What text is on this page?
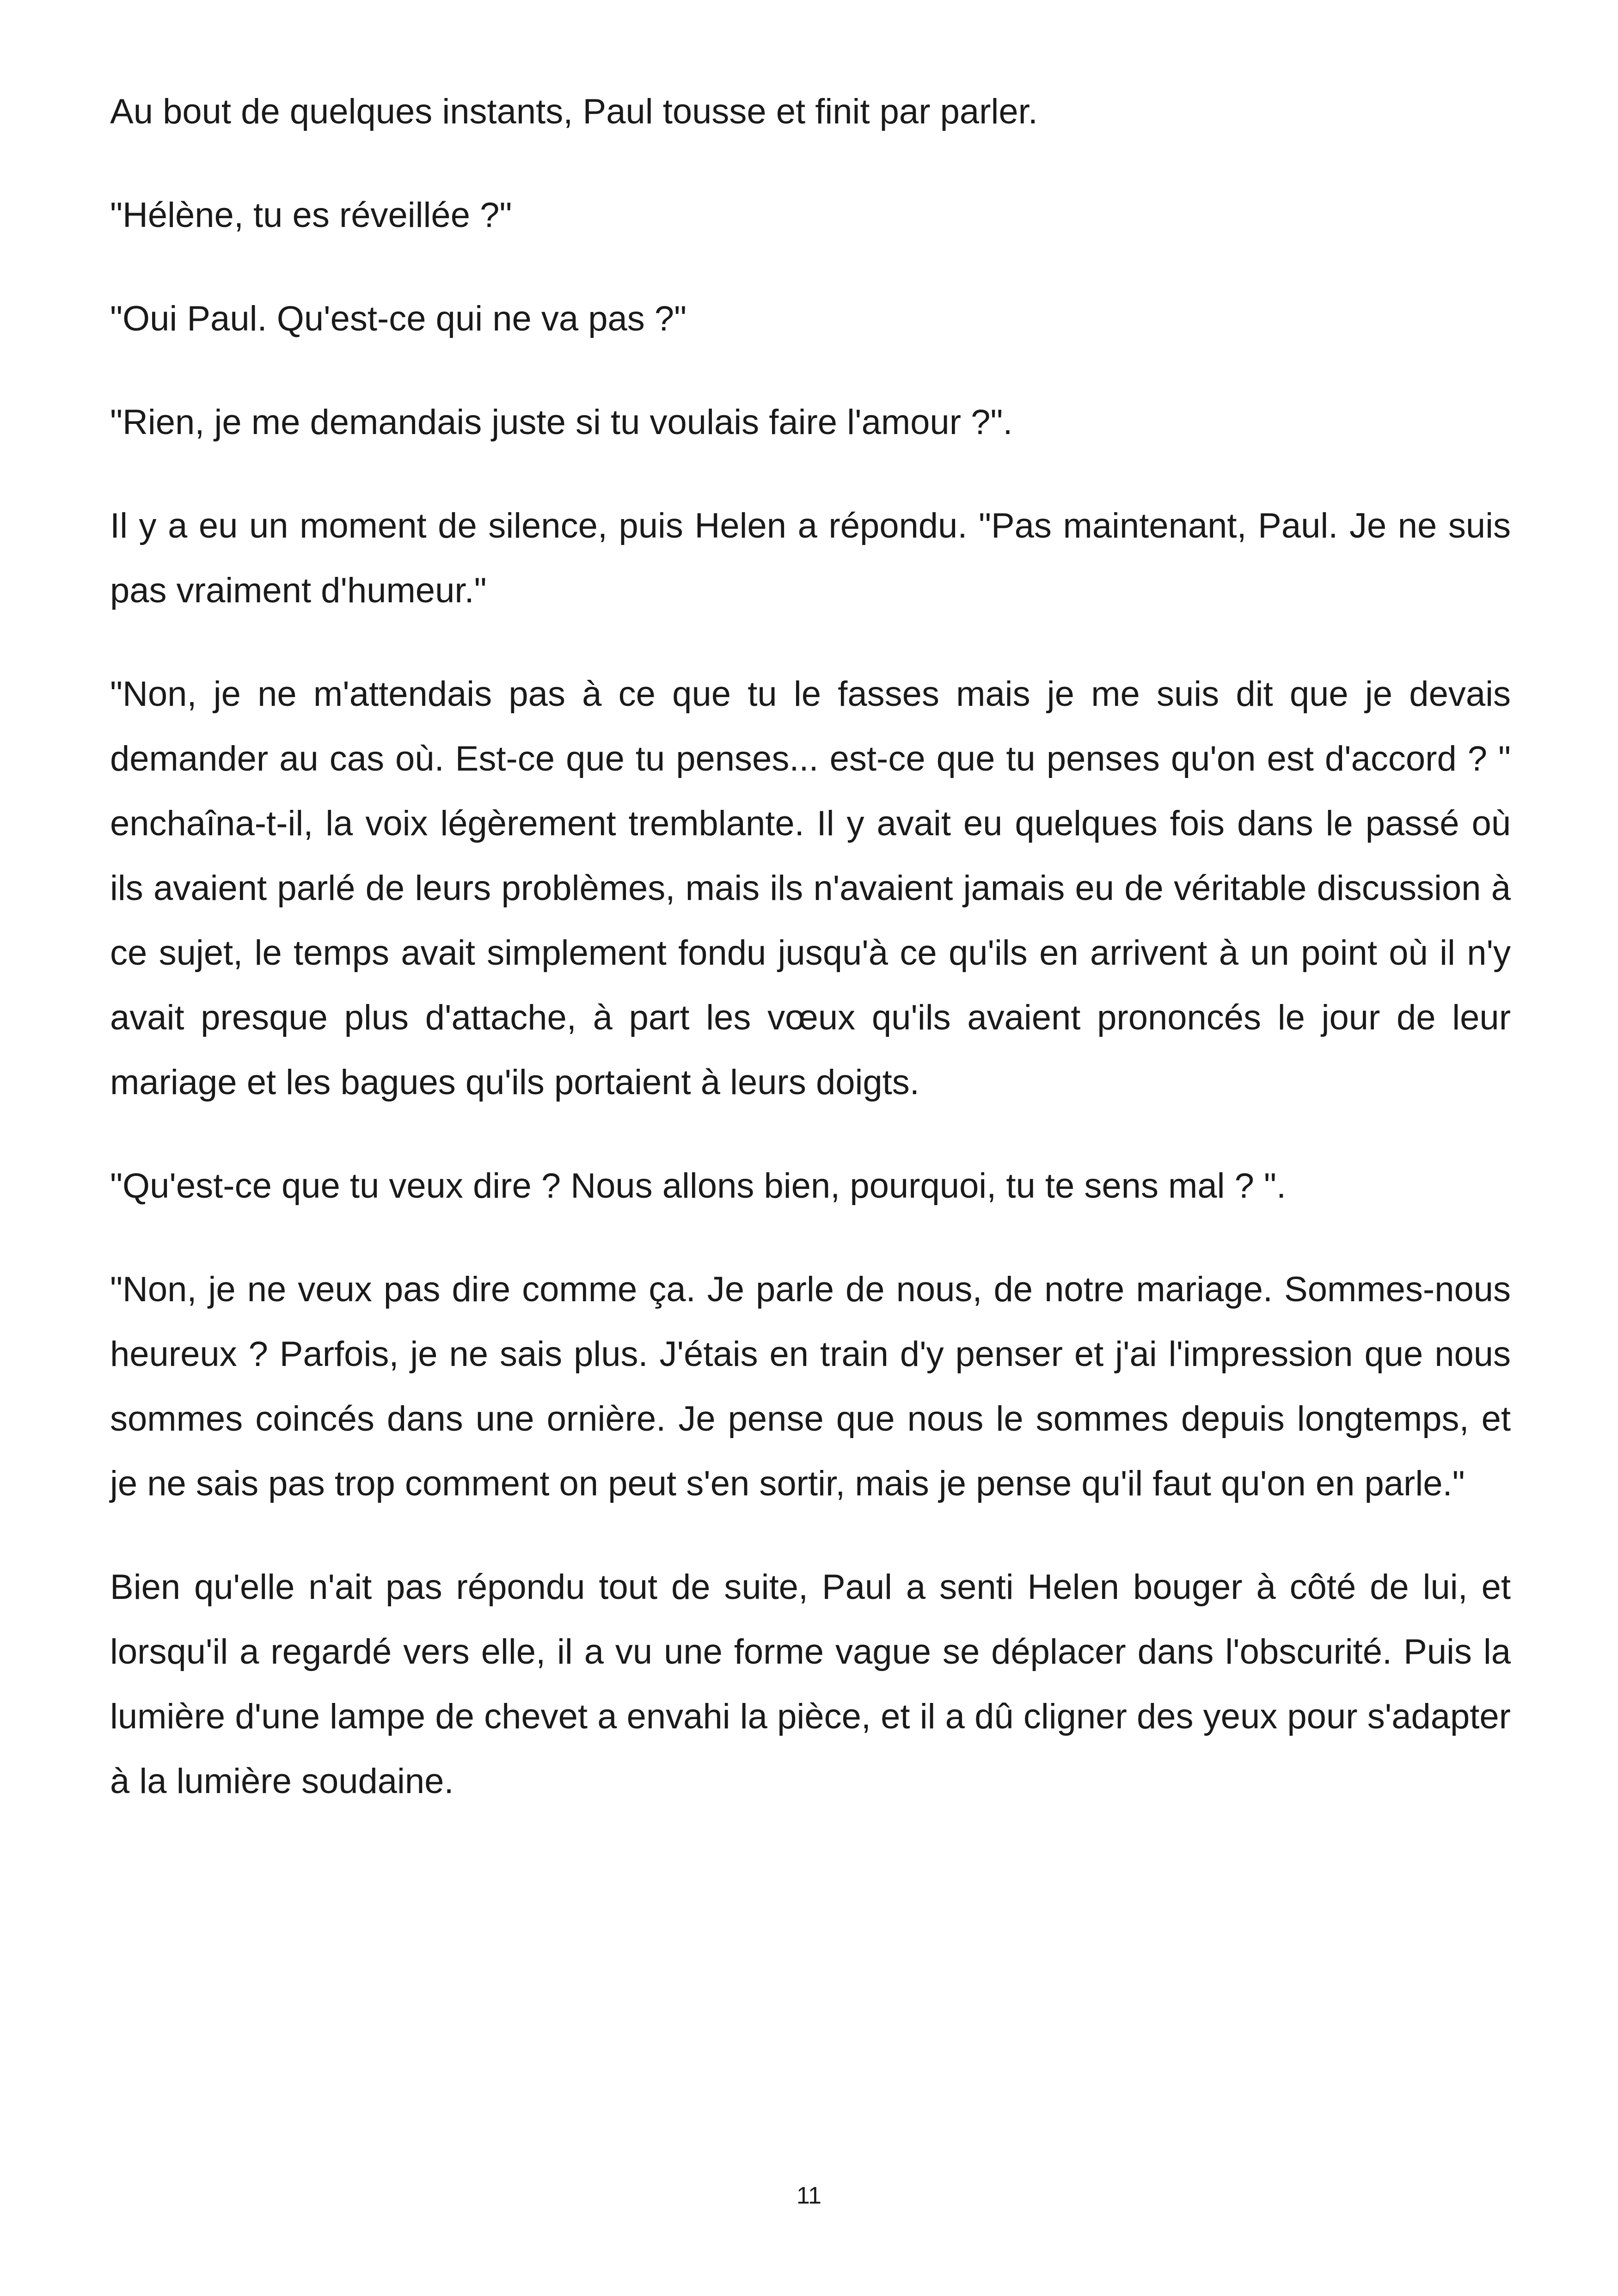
Au bout de quelques instants, Paul tousse et finit par parler.

"Hélène, tu es réveillée ?"

"Oui Paul. Qu'est-ce qui ne va pas ?"

"Rien, je me demandais juste si tu voulais faire l'amour ?".

Il y a eu un moment de silence, puis Helen a répondu. "Pas maintenant, Paul. Je ne suis pas vraiment d'humeur."

"Non, je ne m'attendais pas à ce que tu le fasses mais je me suis dit que je devais demander au cas où. Est-ce que tu penses... est-ce que tu penses qu'on est d'accord ? " enchaîna-t-il, la voix légèrement tremblante. Il y avait eu quelques fois dans le passé où ils avaient parlé de leurs problèmes, mais ils n'avaient jamais eu de véritable discussion à ce sujet, le temps avait simplement fondu jusqu'à ce qu'ils en arrivent à un point où il n'y avait presque plus d'attache, à part les vœux qu'ils avaient prononcés le jour de leur mariage et les bagues qu'ils portaient à leurs doigts.

"Qu'est-ce que tu veux dire ? Nous allons bien, pourquoi, tu te sens mal ? ".

"Non, je ne veux pas dire comme ça. Je parle de nous, de notre mariage. Sommes-nous heureux ? Parfois, je ne sais plus. J'étais en train d'y penser et j'ai l'impression que nous sommes coincés dans une ornière. Je pense que nous le sommes depuis longtemps, et je ne sais pas trop comment on peut s'en sortir, mais je pense qu'il faut qu'on en parle."

Bien qu'elle n'ait pas répondu tout de suite, Paul a senti Helen bouger à côté de lui, et lorsqu'il a regardé vers elle, il a vu une forme vague se déplacer dans l'obscurité. Puis la lumière d'une lampe de chevet a envahi la pièce, et il a dû cligner des yeux pour s'adapter à la lumière soudaine.

11
